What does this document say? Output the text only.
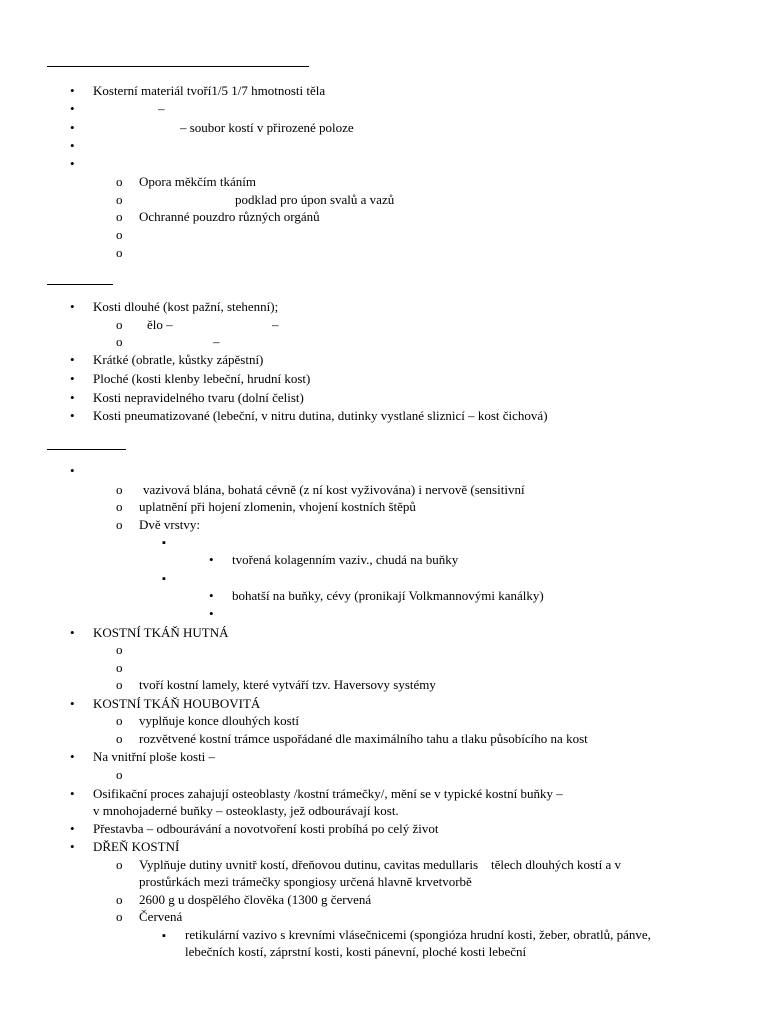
•
Kosterní materiál tvoří1/5 1/7 hmotnosti těla
•
–
•
– soubor kostí v přirozené poloze
•
•
o
Opora měkčím tkáním
o
podklad pro úpon svalů a vazů
o
Ochranné pouzdro různých orgánů
o
o
•
Kosti dlouhé (kost pažní, stehenní);
o
ělo –	–
o
–
•
Krátké (obratle, kůstky zápěstní)
•
Ploché (kosti klenby lebeční, hrudní kost)
•
Kosti nepravidelného tvaru (dolní čelist)
•
Kosti pneumatizované (lebeční, v nitru dutina, dutinky vystlané sliznicí – kost čichová)
•
o
vazivová blána, bohatá cévně (z ní kost vyživována) i nervově (sensitivní
o
uplatnění při hojení zlomenin, vhojení kostních štěpů
o
Dvě vrstvy:
▪
•
tvořená kolagenním vaziv., chudá na buňky
▪
•
bohatší na buňky, cévy (pronikají Volkmannovými kanálky)
•
•
KOSTNÍ TKÁŇ HUTNÁ
o
o
o
tvoří kostní lamely, které vytváří tzv. Haversovy systémy
•
KOSTNÍ TKÁŇ HOUBOVITÁ
o
vyplňuje konce dlouhých kostí
o
rozvětvené kostní trámce uspořádané dle maximálního tahu a tlaku působícího na kost
•
Na vnitřní ploše kosti –
o
•
Osifikační proces zahajují osteoblasty /kostní trámečky/, mění se v typické kostní buňky –
v mnohojaderné buňky – osteoklasty, jež odbourávají kost.
•
Přestavba – odbourávání a novotvoření kosti probíhá po celý život
•
DŘEŇ KOSTNÍ
o
Vyplňuje dutiny uvnitř kostí, dřeňovou dutinu, cavitas medullaris    tělech dlouhých kostí a v
prostůrkách mezi trámečky spongiosy určená hlavně krvetvorbě
o
2600 g u dospělého člověka (1300 g červená
o
Červená
▪
retikulární vazivo s krevními vlásečnicemi (spongióza hrudní kosti, žeber, obratlů, pánve,
lebečních kostí, záprstní kosti, kosti pánevní, ploché kosti lebeční
